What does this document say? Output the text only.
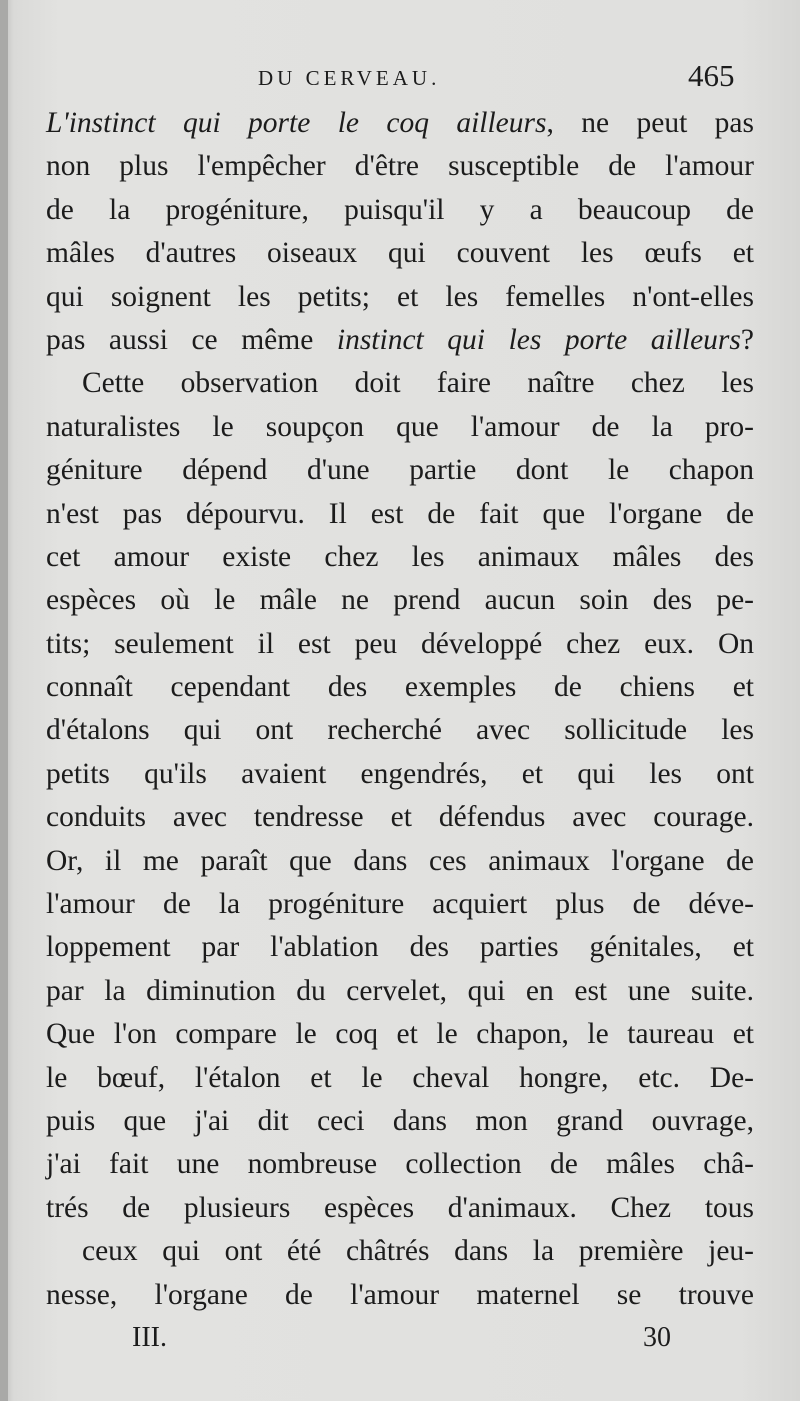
DU CERVEAU.	465
L'instinct qui porte le coq ailleurs, ne peut pas
non plus l'empêcher d'être susceptible de l'amour
de la progéniture, puisqu'il y a beaucoup de
mâles d'autres oiseaux qui couvent les œufs et
qui soignent les petits; et les femelles n'ont-elles
pas aussi ce même instinct qui les porte ailleurs?
Cette observation doit faire naître chez les
naturalistes le soupçon que l'amour de la pro-
géniture dépend d'une partie dont le chapon
n'est pas dépourvu. Il est de fait que l'organe de
cet amour existe chez les animaux mâles des
espèces où le mâle ne prend aucun soin des pe-
tits; seulement il est peu développé chez eux. On
connaît cependant des exemples de chiens et
d'étalons qui ont recherché avec sollicitude les
petits qu'ils avaient engendrés, et qui les ont
conduits avec tendresse et défendus avec courage.
Or, il me paraît que dans ces animaux l'organe de
l'amour de la progéniture acquiert plus de déve-
loppement par l'ablation des parties génitales, et
par la diminution du cervelet, qui en est une suite.
Que l'on compare le coq et le chapon, le taureau et
le bœuf, l'étalon et le cheval hongre, etc. De-
puis que j'ai dit ceci dans mon grand ouvrage,
j'ai fait une nombreuse collection de mâles châ-
trés de plusieurs espèces d'animaux. Chez tous
ceux qui ont été châtrés dans la première jeu-
nesse, l'organe de l'amour maternel se trouve
III.	30
